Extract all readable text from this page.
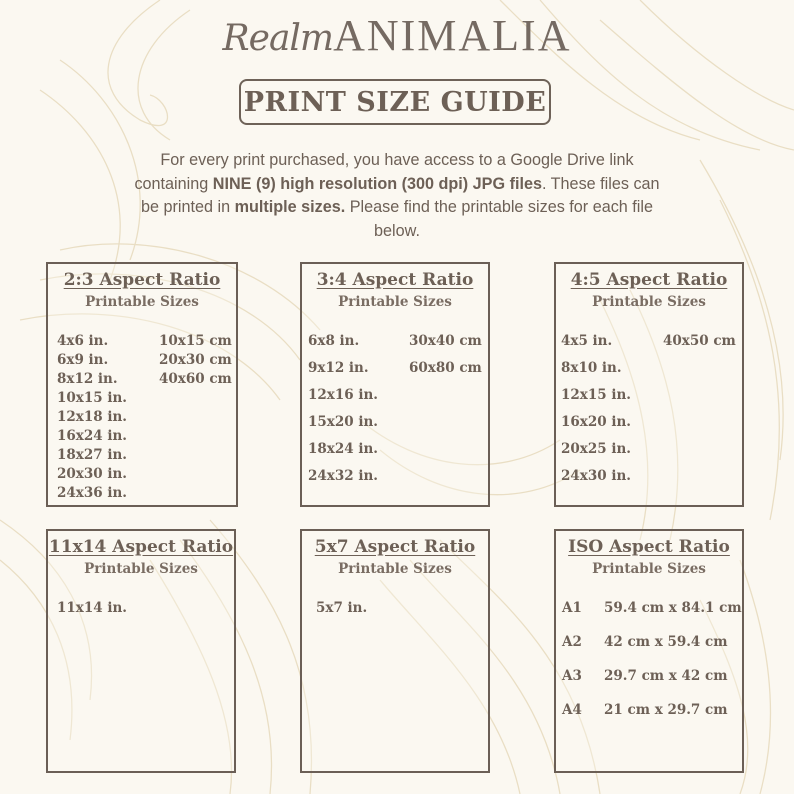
RealmANIMALIA
PRINT SIZE GUIDE
For every print purchased, you have access to a Google Drive link
containing NINE (9) high resolution (300 dpi) JPG files. These files can
be printed in multiple sizes. Please find the printable sizes for each file
below.
2:3 Aspect Ratio
Printable Sizes
4x6 in.
6x9 in.
8x12 in.
10x15 in.
12x18 in.
16x24 in.
18x27 in.
20x30 in.
24x36 in.
10x15 cm
20x30 cm
40x60 cm
3:4 Aspect Ratio
Printable Sizes
6x8 in.
9x12 in.
12x16 in.
15x20 in.
18x24 in.
24x32 in.
30x40 cm
60x80 cm
4:5 Aspect Ratio
Printable Sizes
4x5 in.
8x10 in.
12x15 in.
16x20 in.
20x25 in.
24x30 in.
40x50 cm
11x14 Aspect Ratio
Printable Sizes
11x14 in.
5x7 Aspect Ratio
Printable Sizes
5x7 in.
ISO Aspect Ratio
Printable Sizes
A1 59.4 cm x 84.1 cm
A2 42 cm x 59.4 cm
A3 29.7 cm x 42 cm
A4 21 cm x 29.7 cm
